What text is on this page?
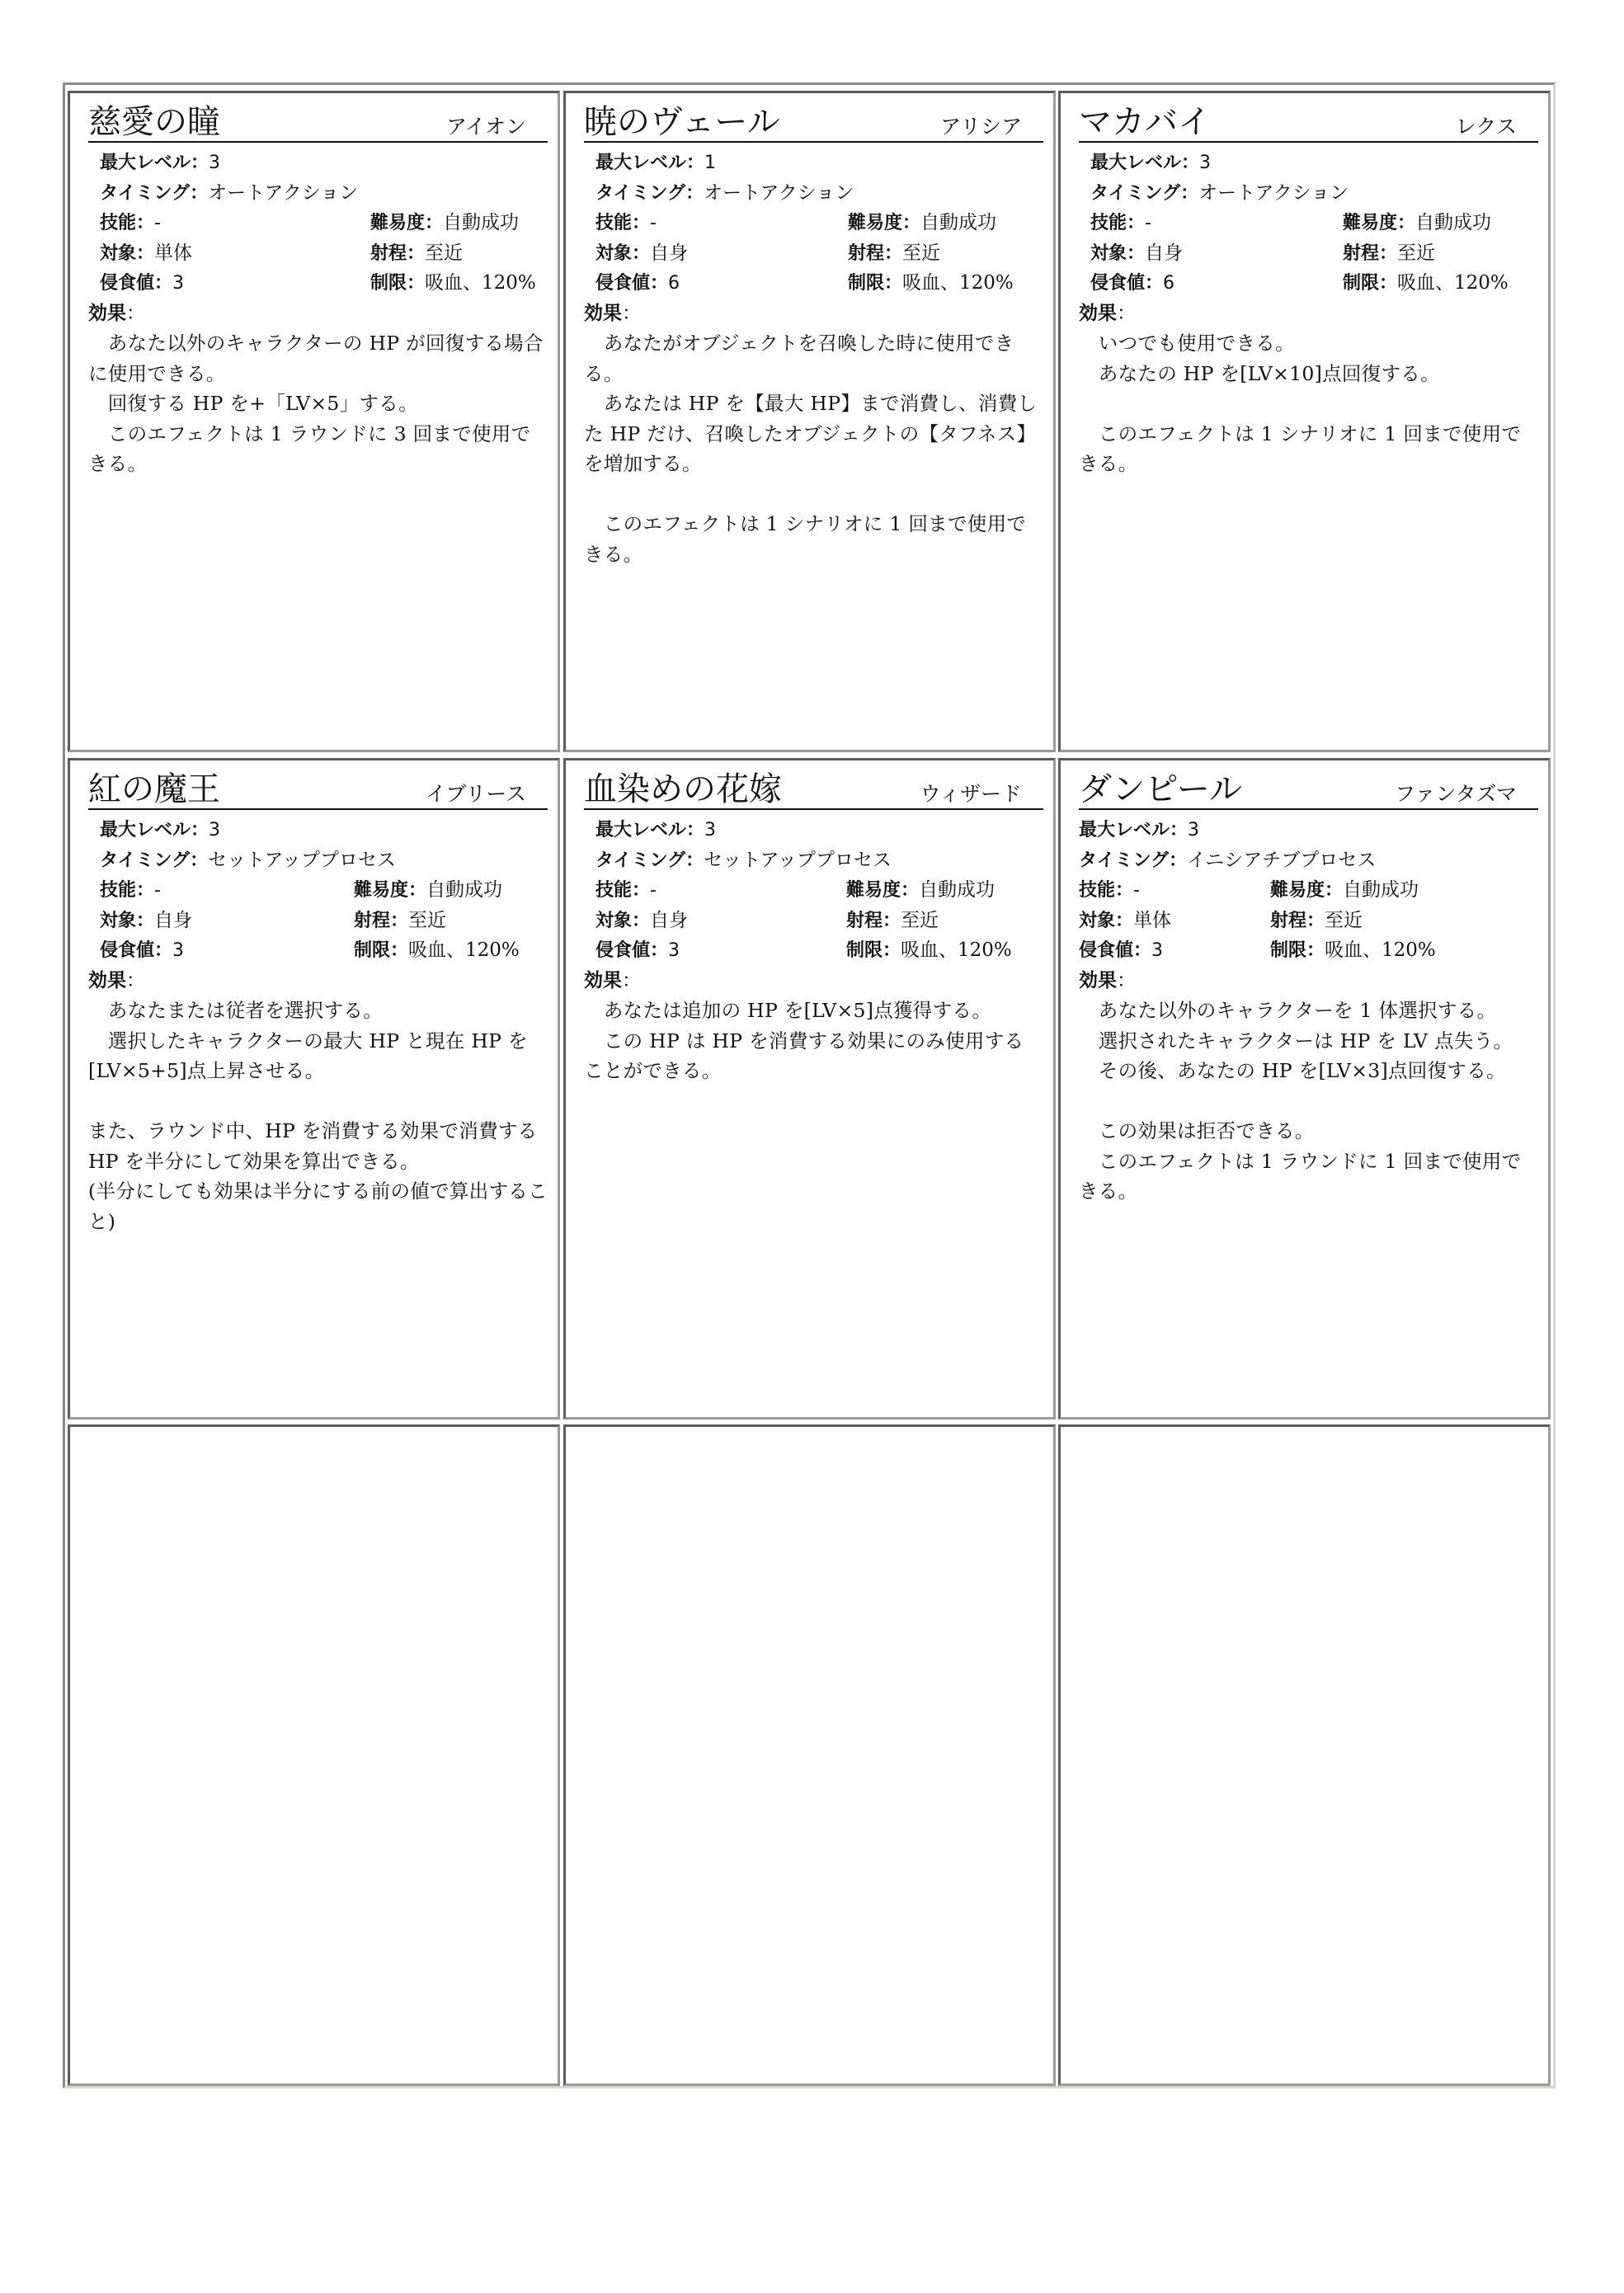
慈愛の瞳	アイオン
最大レベル：3
タイミング：オートアクション
技能：-	難易度：自動成功
対象：単体	射程：至近
侵食値：3	制限：吸血、120%
効果：
　あなた以外のキャラクターの HP が回復する場合に使用できる。
　回復する HP を+「LV×5」する。
　このエフェクトは 1 ラウンドに 3 回まで使用できる。
暁のヴェール	アリシア
最大レベル：1
タイミング：オートアクション
技能：-	難易度：自動成功
対象：自身	射程：至近
侵食値：6	制限：吸血、120%
効果：
　あなたがオブジェクトを召喚した時に使用できる。
　あなたは HP を【最大 HP】まで消費し、消費した HP だけ、召喚したオブジェクトの【タフネス】を増加する。

　このエフェクトは 1 シナリオに 1 回まで使用できる。
マカバイ	レクス
最大レベル：3
タイミング：オートアクション
技能：-	難易度：自動成功
対象：自身	射程：至近
侵食値：6	制限：吸血、120%
効果：
　いつでも使用できる。
　あなたの HP を[LV×10]点回復する。

　このエフェクトは 1 シナリオに 1 回まで使用できる。
紅の魔王	イブリース
最大レベル：3
タイミング：セットアッププロセス
技能：-	難易度：自動成功
対象：自身	射程：至近
侵食値：3	制限：吸血、120%
効果：
　あなたまたは従者を選択する。
　選択したキャラクターの最大 HP と現在 HP を[LV×5+5]点上昇させる。

また、ラウンド中、HP を消費する効果で消費する HP を半分にして効果を算出できる。
(半分にしても効果は半分にする前の値で算出すること)
血染めの花嫁	ウィザード
最大レベル：3
タイミング：セットアッププロセス
技能：-	難易度：自動成功
対象：自身	射程：至近
侵食値：3	制限：吸血、120%
効果：
　あなたは追加の HP を[LV×5]点獲得する。
　この HP は HP を消費する効果にのみ使用することができる。
ダンピール	ファンタズマ
最大レベル：3
タイミング：イニシアチブプロセス
技能：-	難易度：自動成功
対象：単体	射程：至近
侵食値：3	制限：吸血、120%
効果：
　あなた以外のキャラクターを 1 体選択する。
　選択されたキャラクターは HP を LV 点失う。
　その後、あなたの HP を[LV×3]点回復する。

　この効果は拒否できる。
　このエフェクトは 1 ラウンドに 1 回まで使用できる。
